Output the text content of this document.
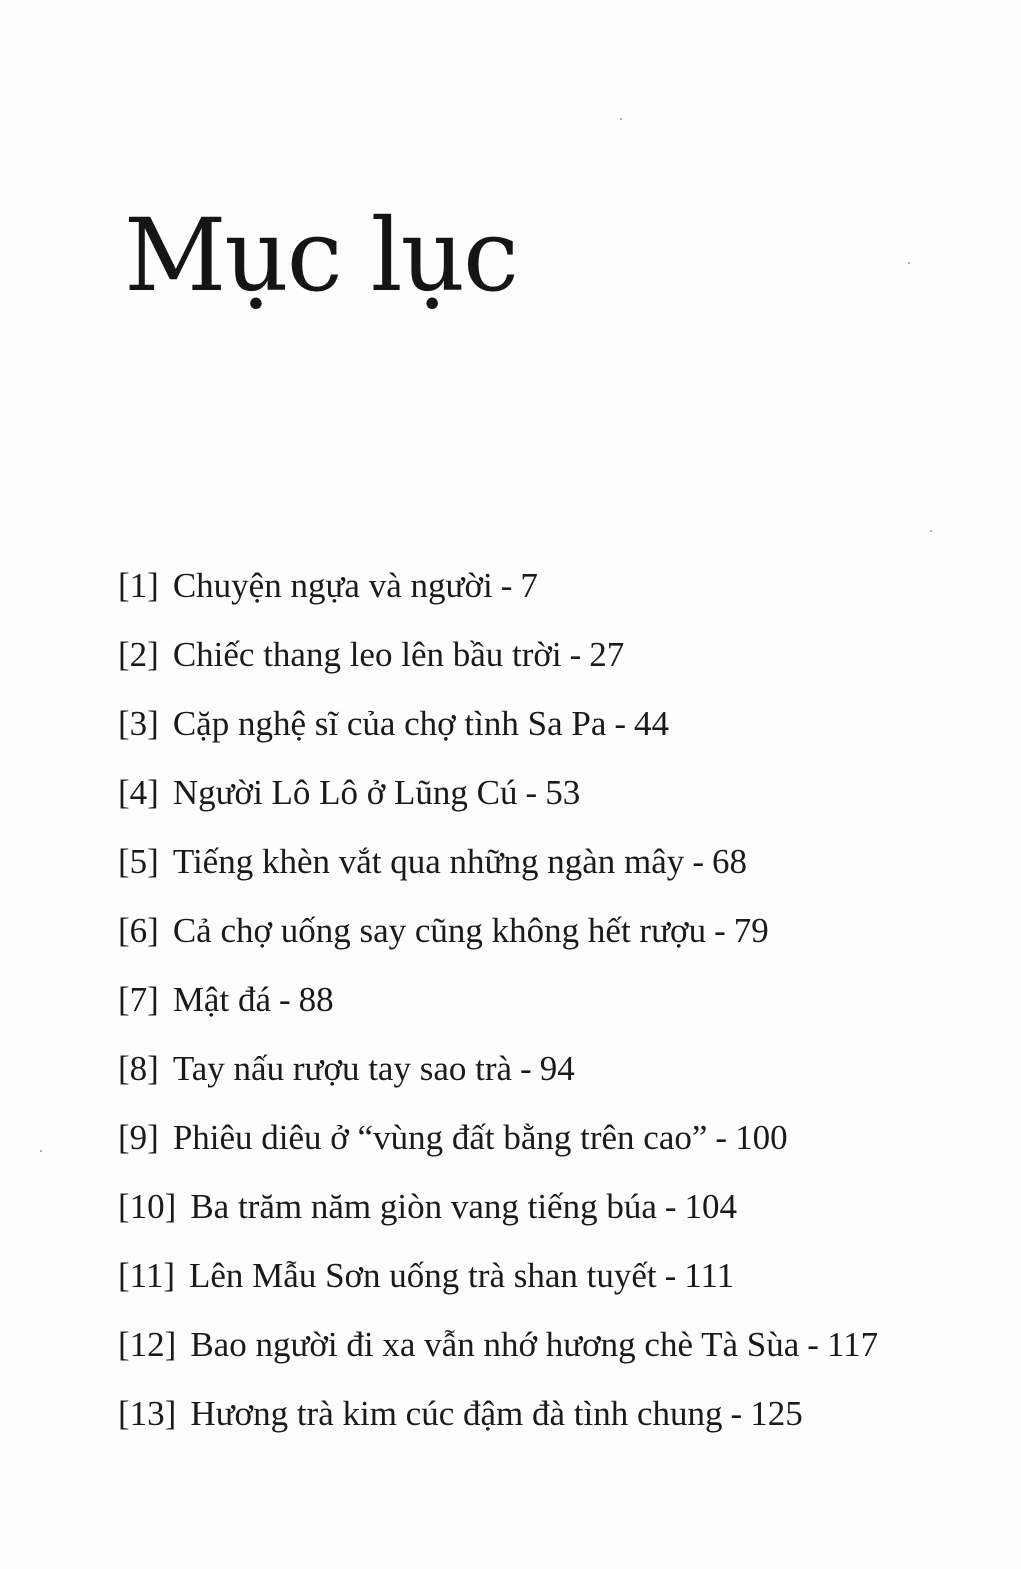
Mục lục
[1] Chuyện ngựa và người - 7
[2] Chiếc thang leo lên bầu trời - 27
[3] Cặp nghệ sĩ của chợ tình Sa Pa - 44
[4] Người Lô Lô ở Lũng Cú - 53
[5] Tiếng khèn vắt qua những ngàn mây - 68
[6] Cả chợ uống say cũng không hết rượu - 79
[7] Mật đá - 88
[8] Tay nấu rượu tay sao trà - 94
[9] Phiêu diêu ở “vùng đất bằng trên cao” - 100
[10] Ba trăm năm giòn vang tiếng búa - 104
[11] Lên Mẫu Sơn uống trà shan tuyết - 111
[12] Bao người đi xa vẫn nhớ hương chè Tà Sùa - 117
[13] Hương trà kim cúc đậm đà tình chung - 125
